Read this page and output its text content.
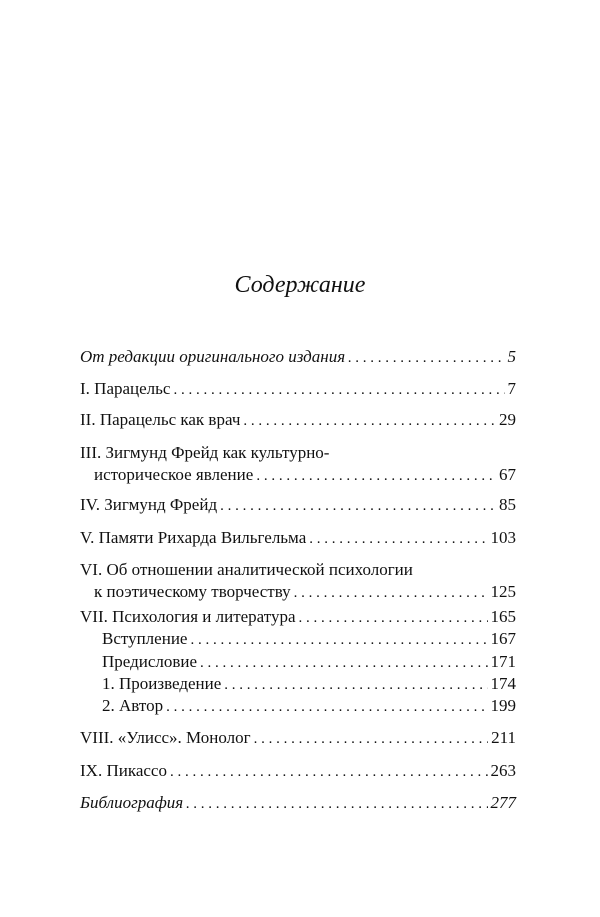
Содержание
От редакции оригинального издания . . .	5
I. Парацельс . . .	7
II. Парацельс как врач . . .	29
III. Зигмунд Фрейд как культурно-
историческое явление . . .	67
IV. Зигмунд Фрейд . . .	85
V. Памяти Рихарда Вильгельма . . .	103
VI. Об отношении аналитической психологии
к поэтическому творчеству . . .	125
VII. Психология и литература . . .	165
Вступление . . .	167
Предисловие . . .	171
1. Произведение . . .	174
2. Автор . . .	199
VIII. «Улисс». Монолог . . .	211
IX. Пикассо . . .	263
Библиография . . .	277
